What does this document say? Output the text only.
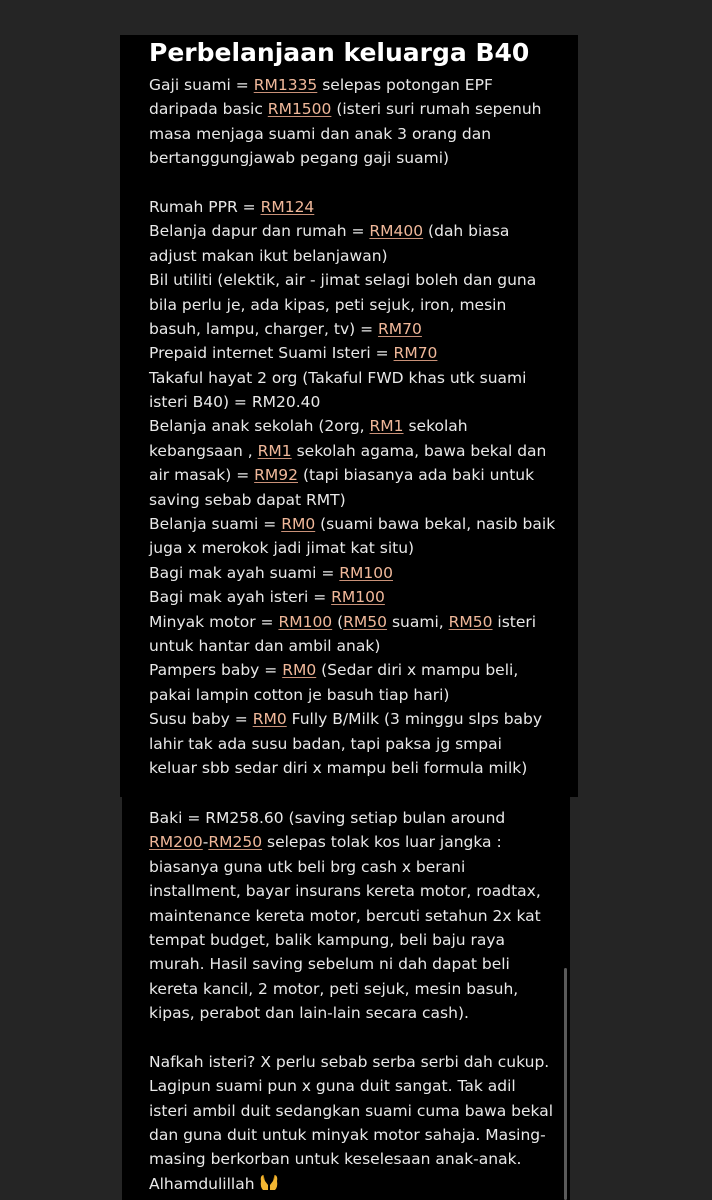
Perbelanjaan keluarga B40
Gaji suami = RM1335 selepas potongan EPF
daripada basic RM1500 (isteri suri rumah sepenuh
masa menjaga suami dan anak 3 orang dan
bertanggungjawab pegang gaji suami)
Rumah PPR = RM124
Belanja dapur dan rumah = RM400 (dah biasa
adjust makan ikut belanjawan)
Bil utiliti (elektik, air - jimat selagi boleh dan guna
bila perlu je, ada kipas, peti sejuk, iron, mesin
basuh, lampu, charger, tv) = RM70
Prepaid internet Suami Isteri = RM70
Takaful hayat 2 org (Takaful FWD khas utk suami
isteri B40) = RM20.40
Belanja anak sekolah (2org, RM1 sekolah
kebangsaan , RM1 sekolah agama, bawa bekal dan
air masak) = RM92 (tapi biasanya ada baki untuk
saving sebab dapat RMT)
Belanja suami = RM0 (suami bawa bekal, nasib baik
juga x merokok jadi jimat kat situ)
Bagi mak ayah suami = RM100
Bagi mak ayah isteri = RM100
Minyak motor = RM100 (RM50 suami, RM50 isteri
untuk hantar dan ambil anak)
Pampers baby = RM0 (Sedar diri x mampu beli,
pakai lampin cotton je basuh tiap hari)
Susu baby = RM0 Fully B/Milk (3 minggu slps baby
lahir tak ada susu badan, tapi paksa jg smpai
keluar sbb sedar diri x mampu beli formula milk)
Baki = RM258.60 (saving setiap bulan around
RM200-RM250 selepas tolak kos luar jangka :
biasanya guna utk beli brg cash x berani
installment, bayar insurans kereta motor, roadtax,
maintenance kereta motor, bercuti setahun 2x kat
tempat budget, balik kampung, beli baju raya
murah. Hasil saving sebelum ni dah dapat beli
kereta kancil, 2 motor, peti sejuk, mesin basuh,
kipas, perabot dan lain-lain secara cash).
Nafkah isteri? X perlu sebab serba serbi dah cukup.
Lagipun suami pun x guna duit sangat. Tak adil
isteri ambil duit sedangkan suami cuma bawa bekal
dan guna duit untuk minyak motor sahaja. Masing-
masing berkorban untuk keselesaan anak-anak.
Alhamdulillah
